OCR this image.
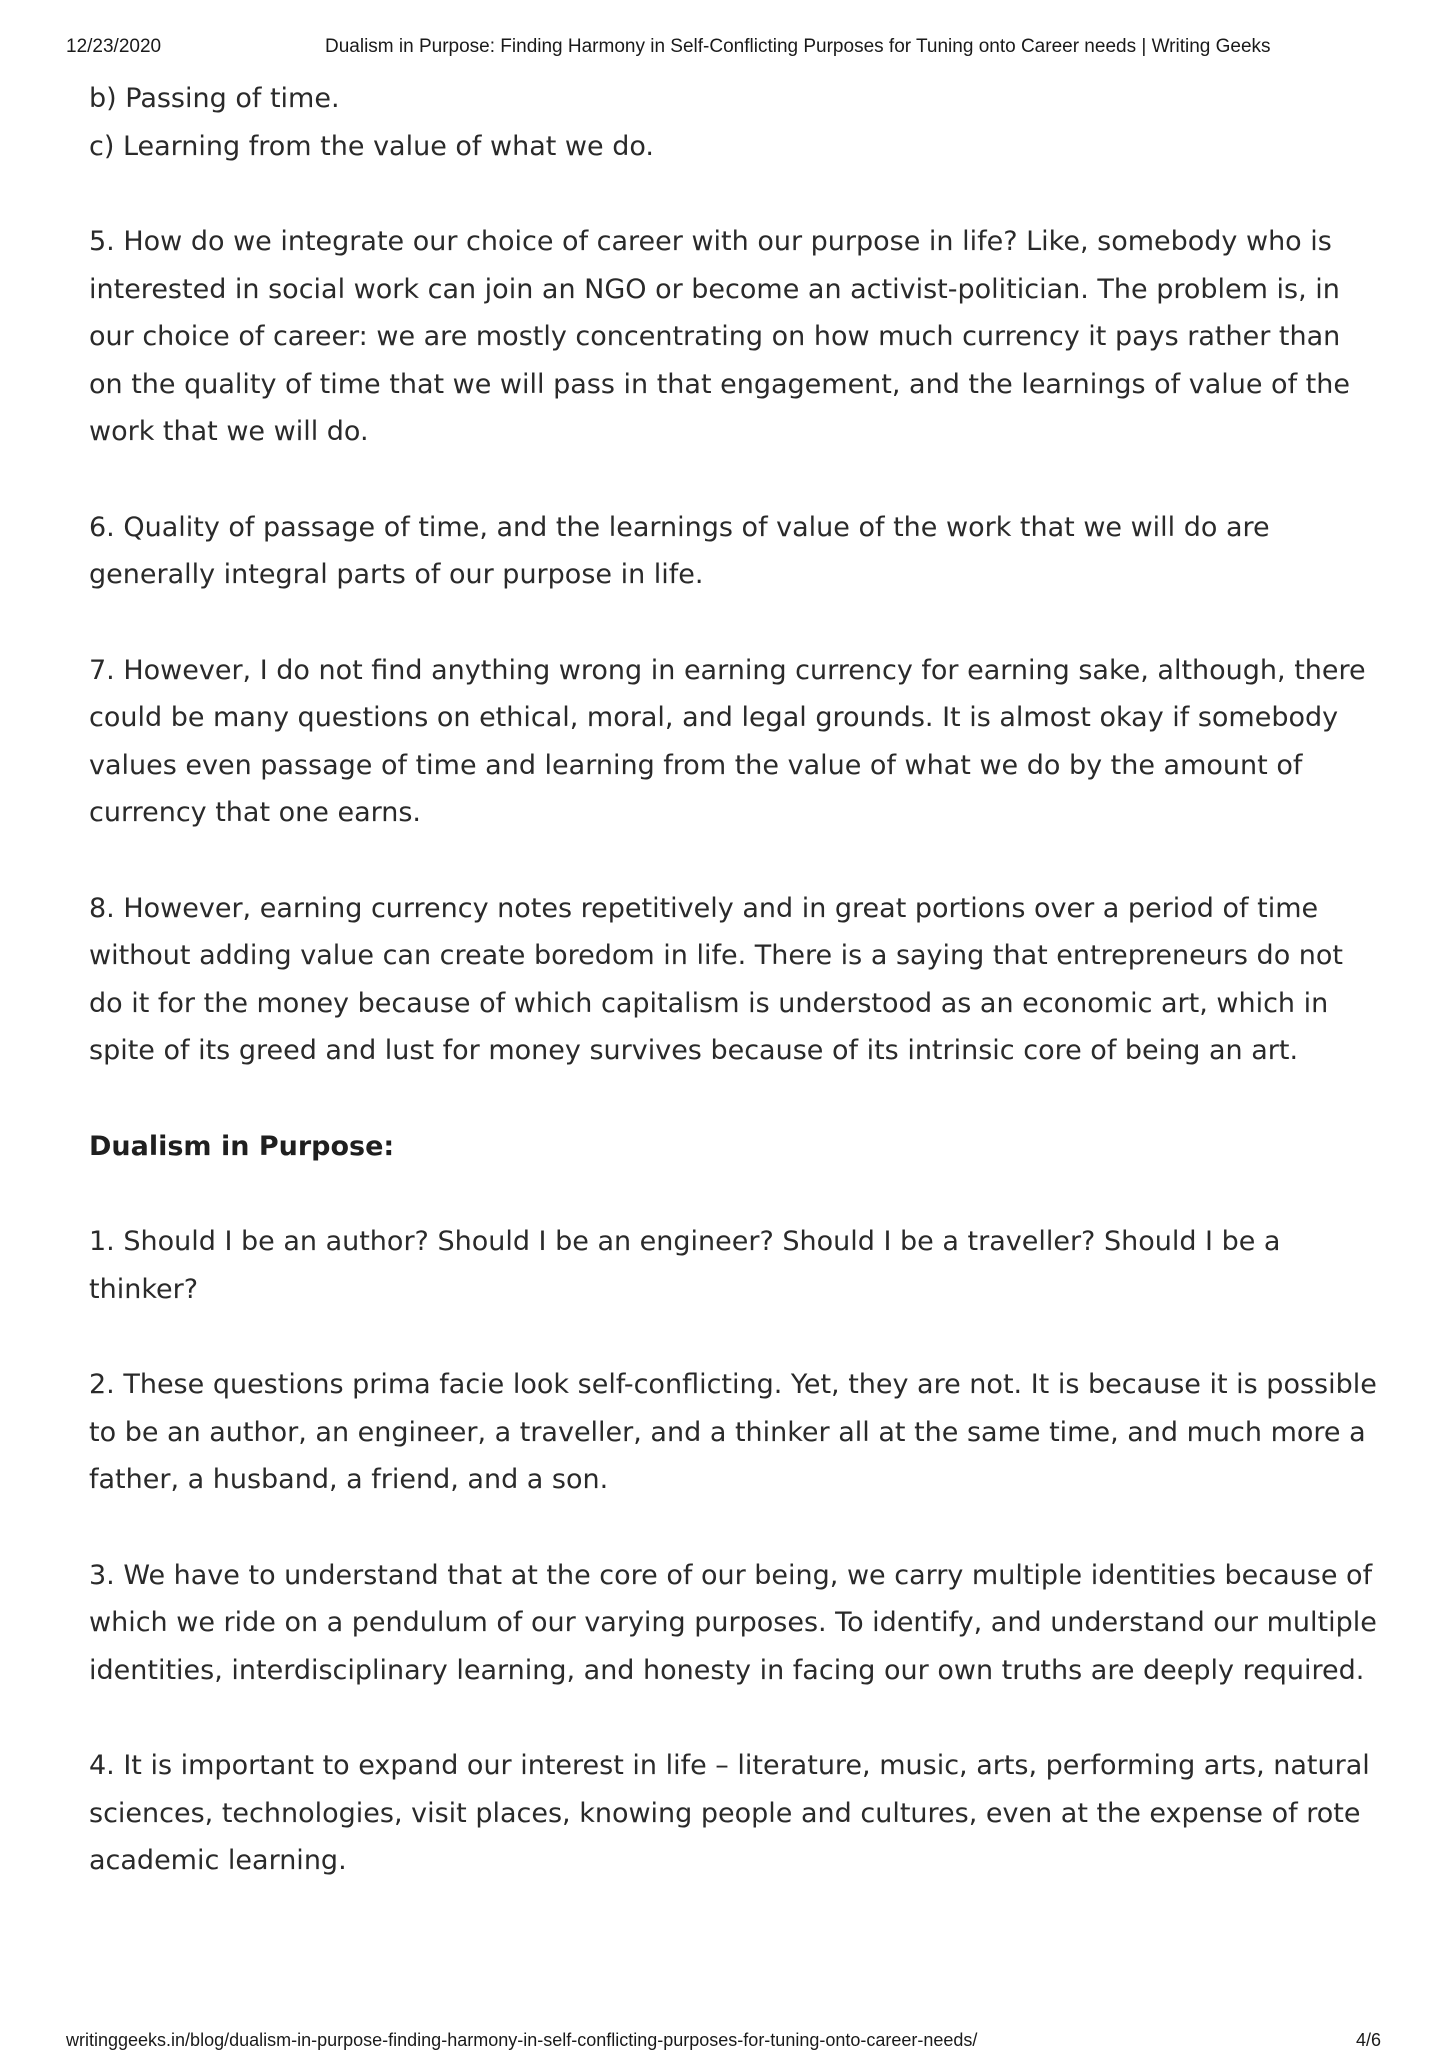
12/23/2020	Dualism in Purpose: Finding Harmony in Self-Conflicting Purposes for Tuning onto Career needs | Writing Geeks
b) Passing of time.
c) Learning from the value of what we do.

5. How do we integrate our choice of career with our purpose in life? Like, somebody who is interested in social work can join an NGO or become an activist-politician. The problem is, in our choice of career: we are mostly concentrating on how much currency it pays rather than on the quality of time that we will pass in that engagement, and the learnings of value of the work that we will do.

6. Quality of passage of time, and the learnings of value of the work that we will do are generally integral parts of our purpose in life.

7. However, I do not find anything wrong in earning currency for earning sake, although, there could be many questions on ethical, moral, and legal grounds. It is almost okay if somebody values even passage of time and learning from the value of what we do by the amount of currency that one earns.

8. However, earning currency notes repetitively and in great portions over a period of time without adding value can create boredom in life. There is a saying that entrepreneurs do not do it for the money because of which capitalism is understood as an economic art, which in spite of its greed and lust for money survives because of its intrinsic core of being an art.

Dualism in Purpose:

1. Should I be an author? Should I be an engineer? Should I be a traveller? Should I be a thinker?

2. These questions prima facie look self-conflicting. Yet, they are not. It is because it is possible to be an author, an engineer, a traveller, and a thinker all at the same time, and much more a father, a husband, a friend, and a son.

3. We have to understand that at the core of our being, we carry multiple identities because of which we ride on a pendulum of our varying purposes. To identify, and understand our multiple identities, interdisciplinary learning, and honesty in facing our own truths are deeply required.

4. It is important to expand our interest in life – literature, music, arts, performing arts, natural sciences, technologies, visit places, knowing people and cultures, even at the expense of rote academic learning.

writinggeeks.in/blog/dualism-in-purpose-finding-harmony-in-self-conflicting-purposes-for-tuning-onto-career-needs/	4/6
